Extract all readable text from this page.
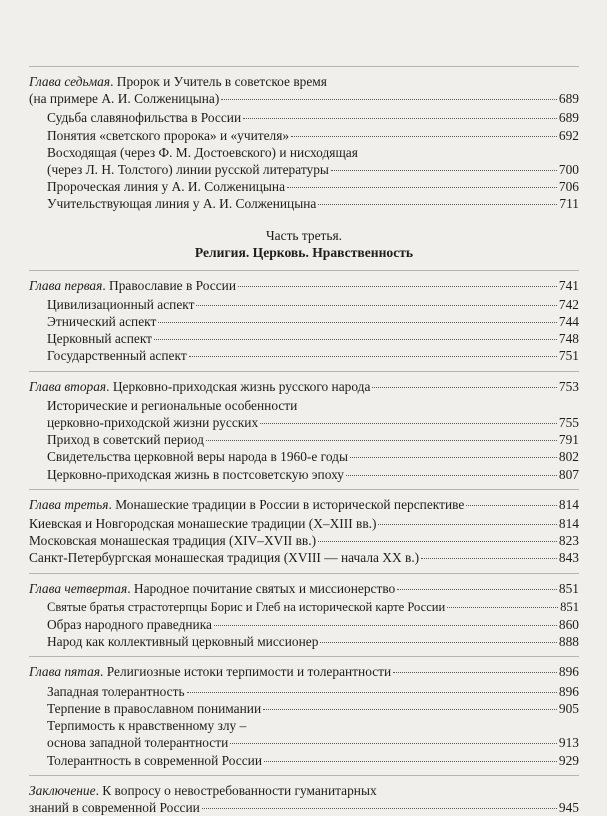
Глава седьмая. Пророк и Учитель в советское время
(на примере А. И. Солженицына)	689
Судьба славянофильства в России	689
Понятия «светского пророка» и «учителя»	692
Восходящая (через Ф. М. Достоевского) и нисходящая
(через Л. Н. Толстого) линии русской литературы	700
Пророческая линия у А. И. Солженицына	706
Учительствующая линия у А. И. Солженицына	711
Часть третья.
Религия. Церковь. Нравственность
Глава первая. Православие в России	741
Цивилизационный аспект	742
Этнический аспект	744
Церковный аспект	748
Государственный аспект	751
Глава вторая. Церковно-приходская жизнь русского народа	753
Исторические и региональные особенности
церковно-приходской жизни русских	755
Приход в советский период	791
Свидетельства церковной веры народа в 1960-е годы	802
Церковно-приходская жизнь в постсоветскую эпоху	807
Глава третья. Монашеские традиции в России в исторической перспективе	814
Киевская и Новгородская монашеские традиции (X–XIII вв.)	814
Московская монашеская традиция (XIV–XVII вв.)	823
Санкт-Петербургская монашеская традиция (XVIII — начала XX в.)	843
Глава четвертая. Народное почитание святых и миссионерство	851
Святые братья страстотерпцы Борис и Глеб на исторической карте России	851
Образ народного праведника	860
Народ как коллективный церковный миссионер	888
Глава пятая. Религиозные истоки терпимости и толерантности	896
Западная толерантность	896
Терпение в православном понимании	905
Терпимость к нравственному злу –
основа западной толерантности	913
Толерантность в современной России	929
Заключение. К вопросу о невостребованности гуманитарных
знаний в современной России	945
